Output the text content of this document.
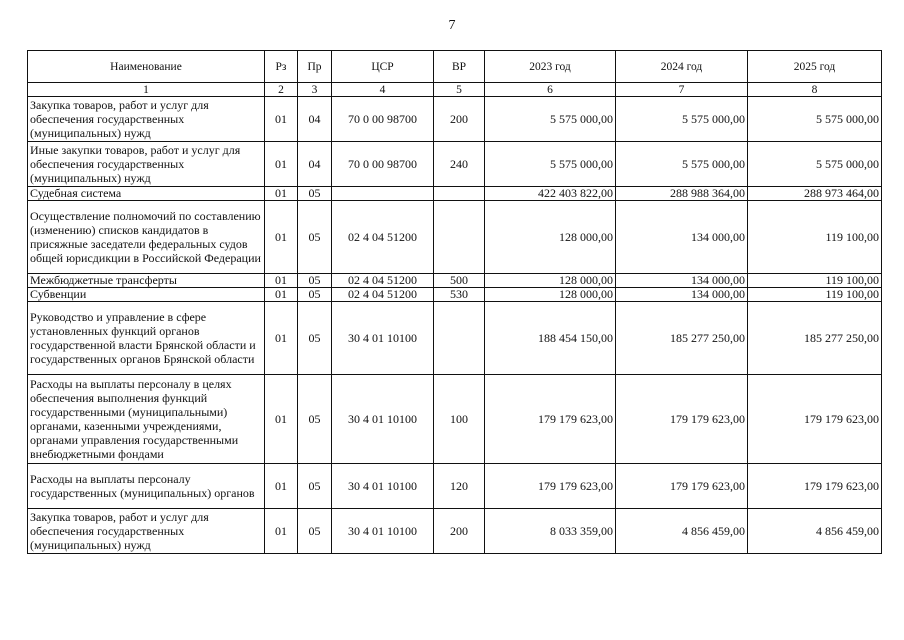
7
Наименование	Рз	Пр	ЦСР	ВР	2023 год	2024 год	2025 год
1	2	3	4	5	6	7	8
Закупка товаров, работ и услуг для обеспечения государственных (муниципальных) нужд	01	04	70 0 00 98700	200	5 575 000,00	5 575 000,00	5 575 000,00
Иные закупки товаров, работ и услуг для обеспечения государственных (муниципальных) нужд	01	04	70 0 00 98700	240	5 575 000,00	5 575 000,00	5 575 000,00
Судебная система	01	05			422 403 822,00	288 988 364,00	288 973 464,00
Осуществление полномочий по составлению (изменению) списков кандидатов в присяжные заседатели федеральных судов общей юрисдикции в Российской Федерации	01	05	02 4 04 51200		128 000,00	134 000,00	119 100,00
Межбюджетные трансферты	01	05	02 4 04 51200	500	128 000,00	134 000,00	119 100,00
Субвенции	01	05	02 4 04 51200	530	128 000,00	134 000,00	119 100,00
Руководство и управление в сфере установленных функций органов государственной власти Брянской области и государственных органов Брянской области	01	05	30 4 01 10100		188 454 150,00	185 277 250,00	185 277 250,00
Расходы на выплаты персоналу в целях обеспечения выполнения функций государственными (муниципальными) органами, казенными учреждениями, органами управления государственными внебюджетными фондами	01	05	30 4 01 10100	100	179 179 623,00	179 179 623,00	179 179 623,00
Расходы на выплаты персоналу государственных (муниципальных) органов	01	05	30 4 01 10100	120	179 179 623,00	179 179 623,00	179 179 623,00
Закупка товаров, работ и услуг для обеспечения государственных (муниципальных) нужд	01	05	30 4 01 10100	200	8 033 359,00	4 856 459,00	4 856 459,00
